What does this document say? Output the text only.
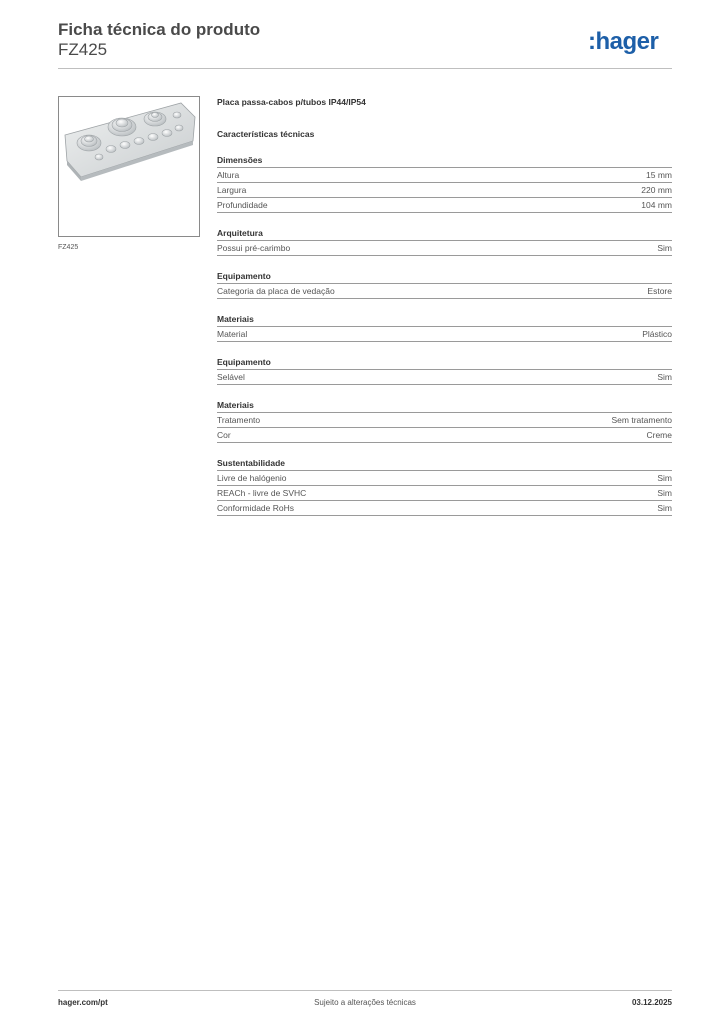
Ficha técnica do produto
FZ425	:hager
FZ425
Placa passa-cabos p/tubos IP44/IP54
Características técnicas
Dimensões
Altura	15 mm
Largura	220 mm
Profundidade	104 mm
Arquitetura
Possui pré-carimbo	Sim
Equipamento
Categoria da placa de vedação	Estore
Materiais
Material	Plástico
Equipamento
Selável	Sim
Materiais
Tratamento	Sem tratamento
Cor	Creme
Sustentabilidade
Livre de halógenio	Sim
REACh - livre de SVHC	Sim
Conformidade RoHs	Sim
hager.com/pt	Sujeito a alterações técnicas	03.12.2025
